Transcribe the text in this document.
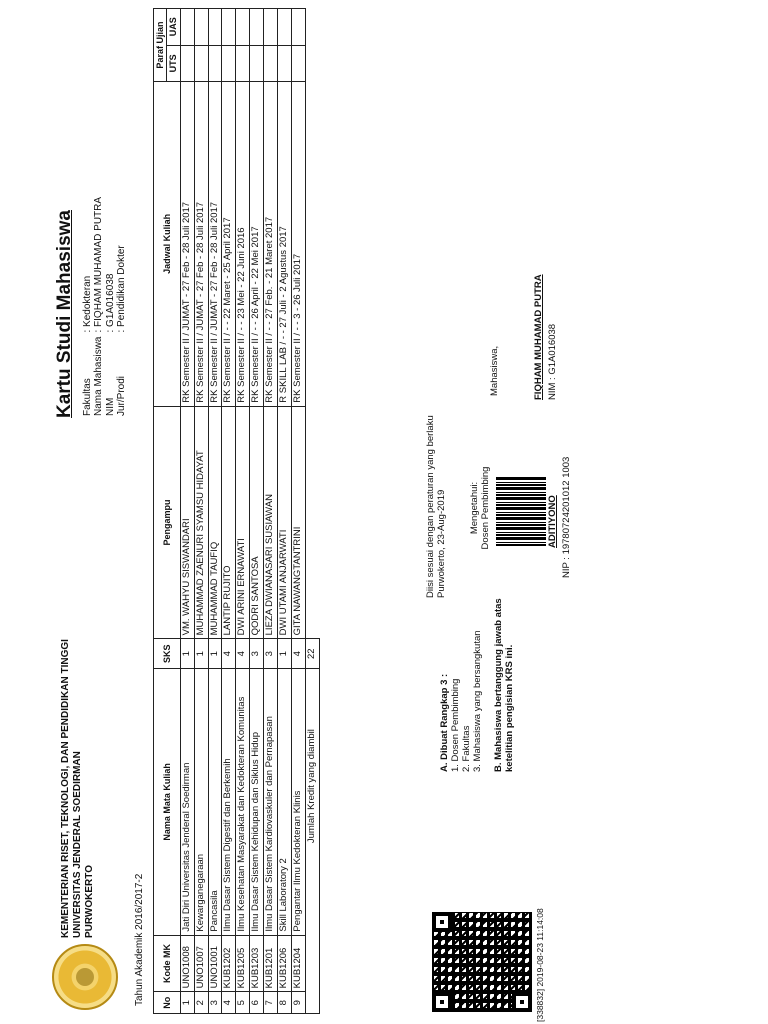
KEMENTERIAN RISET, TEKNOLOGI, DAN PENDIDIKAN TINGGI UNIVERSITAS JENDERAL SOEDIRMAN PURWOKERTO	Tahun Akademik 2016/2017-2
Kartu Studi Mahasiswa Fakultas	: Kedokteran
Nama Mahasiswa	: FIQHAM MUHAMAD PUTRA
NIM	: G1A016038
Jur/Prodi	: Pendidikan Dokter
No	Kode MK	Nama Mata Kuliah	SKS	Pengampu	Jadwal Kuliah	Paraf Ujian	
						UTS	UAS
1	UNO1008	Jati Diri Universitas Jenderal Soedirman	1	VM. WAHYU SISWANDARI	RK Semester II / JUMAT - 27 Feb - 28 Juli 2017		
2	UNO1007	Kewarganegaraan	1	MUHAMMAD ZAENURI SYAMSU HIDAYAT	RK Semester II / JUMAT - 27 Feb - 28 Juli 2017		
3	UNO1001	Pancasila	1	MUHAMMAD TAUFIQ	RK Semester II / JUMAT - 27 Feb - 28 Juli 2017		
4	KUB1202	Ilmu Dasar Sistem Digestif dan Berkemih	4	LANTIP RUJITO	RK Semester II / - - 22 Maret - 25 April 2017		
5	KUB1205	Ilmu Kesehatan Masyarakat dan Kedokteran Komunitas	4	DWI ARINI ERNAWATI	RK Semester II / - - 23 Mei - 22 Juni 2016		
6	KUB1203	Ilmu Dasar Sistem Kehidupan dan Siklus Hidup	3	QODRI SANTOSA	RK Semester II / - - 26 April - 22 Mei 2017		
7	KUB1201	Ilmu Dasar Sistem Kardiovaskuler dan Pernapasan	3	LIEZA DWIANASARI SUSIAWAN	RK Semester II / - - 27 Feb. - 21 Maret 2017		
8	KUB1206	Skill Laboratory 2	1	DWI UTAMI ANJARWATI	R SKILL LAB / - - 27 Juli - 2 Agustus 2017		
9	KUB1204	Pengantar Ilmu Kedokteran Klinis	4	GITA NAWANGTANTRINI	RK Semester II / - - 3 - 26 Juli 2017		
Jumlah Kredit yang diambil			22				
[338832] 2019-08-23 11:14:08
A. Dibuat Rangkap 3 : 1. Dosen Pembimbing 2. Fakultas 3. Mahasiswa yang bersangkutan B. Mahasiswa bertanggung jawab atas ketelitian pengisian KRS ini.
Diisi sesuai dengan peraturan yang berlaku Purwokerto, 23-Aug-2019 Mengetahui: Dosen Pembimbing	ADITIYONO NIP : 19780724201012 1003
Mahasiswa,	FIQHAM MUHAMAD PUTRA NIM : G1A016038
